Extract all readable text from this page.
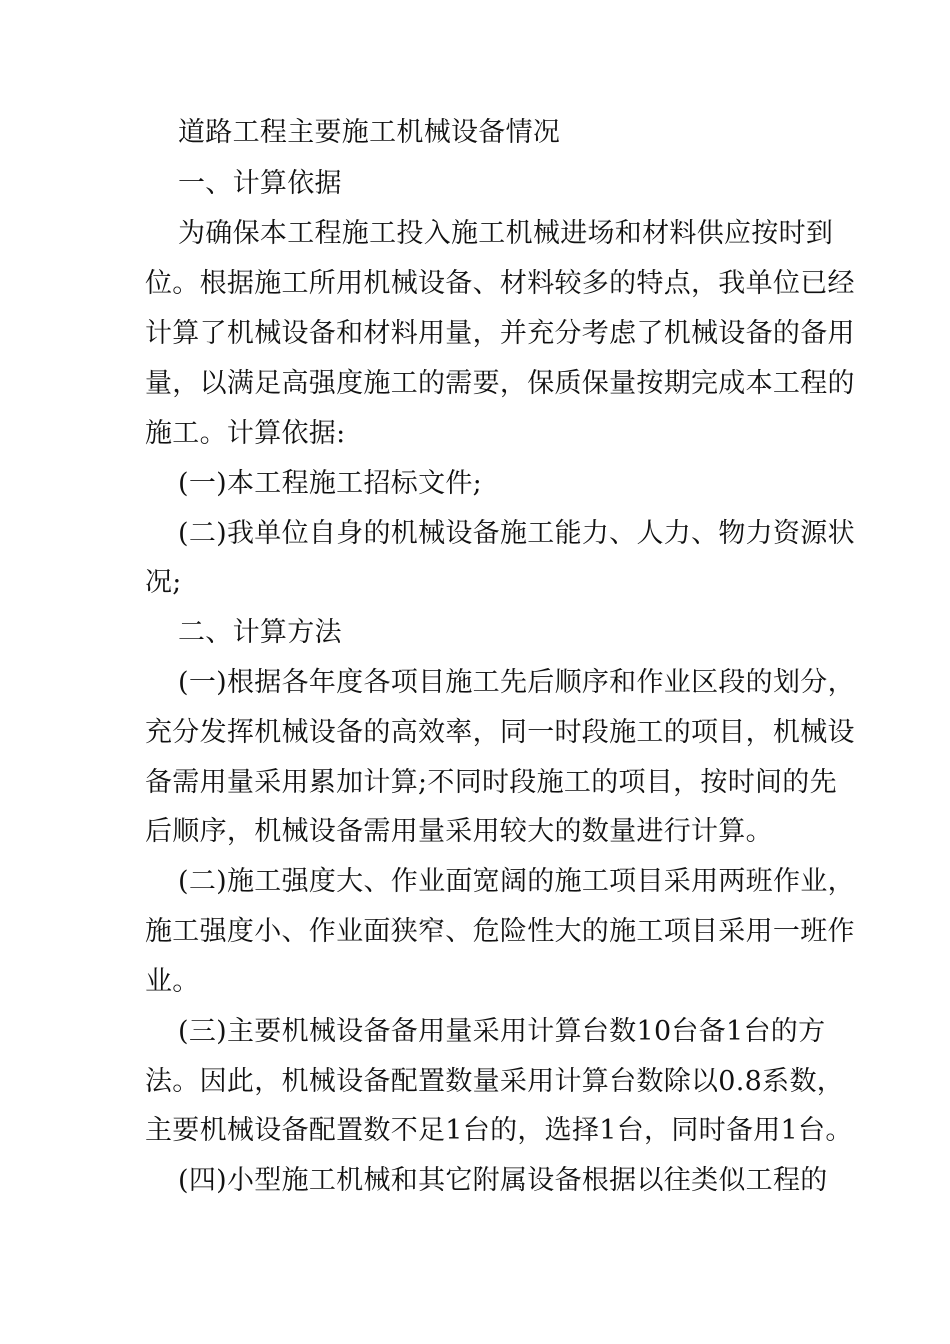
道路工程主要施工机械设备情况
一、计算依据
为确保本工程施工投入施工机械进场和材料供应按时到
位。根据施工所用机械设备、材料较多的特点，我单位已经
计算了机械设备和材料用量，并充分考虑了机械设备的备用
量，以满足高强度施工的需要，保质保量按期完成本工程的
施工。计算依据:
(一)本工程施工招标文件;
(二)我单位自身的机械设备施工能力、人力、物力资源状
况;
二、计算方法
(一)根据各年度各项目施工先后顺序和作业区段的划分，
充分发挥机械设备的高效率，同一时段施工的项目，机械设
备需用量采用累加计算;不同时段施工的项目，按时间的先
后顺序，机械设备需用量采用较大的数量进行计算。
(二)施工强度大、作业面宽阔的施工项目采用两班作业，
施工强度小、作业面狭窄、危险性大的施工项目采用一班作
业。
(三)主要机械设备备用量采用计算台数10台备1台的方
法。因此，机械设备配置数量采用计算台数除以0.8系数，
主要机械设备配置数不足1台的，选择1台，同时备用1台。
(四)小型施工机械和其它附属设备根据以往类似工程的
